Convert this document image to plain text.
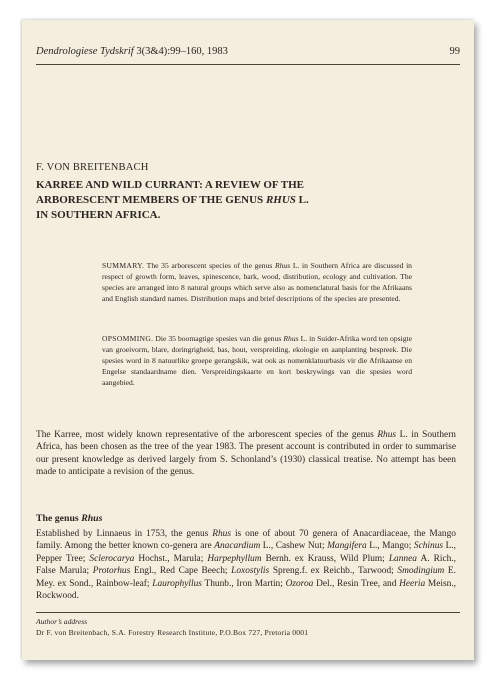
Dendrologiese Tydskrif 3(3&4):99–160, 1983	99
F. VON BREITENBACH
KARREE AND WILD CURRANT: A REVIEW OF THE
ARBORESCENT MEMBERS OF THE GENUS RHUS L.
IN SOUTHERN AFRICA.
SUMMARY. The 35 arborescent species of the genus Rhus L. in Southern Africa are discussed in respect of growth form, leaves, spinescence, bark, wood, distribution, ecology and cultivation. The species are arranged into 8 natural groups which serve also as nomenclatural basis for the Afrikaans and English standard names. Distribution maps and brief descriptions of the species are presented.
OPSOMMING. Die 35 boomagtige spesies van die genus Rhus L. in Suider-Afrika word ten opsigte van groeivorm, blare, doringrigheid, bas, hout, verspreiding, ekologie en aanplanting bespreek. Die spesies word in 8 natuurlike groepe gerangskik, wat ook as nomenklatuurbasis vir die Afrikaanse en Engelse standaardname dien. Verspreidingskaarte en kort beskrywings van die spesies word aangebied.
The Karree, most widely known representative of the arborescent species of the genus Rhus L. in Southern Africa, has been chosen as the tree of the year 1983. The present account is contributed in order to summarise our present knowledge as derived largely from S. Schonland’s (1930) classical treatise. No attempt has been made to anticipate a revision of the genus.
The genus Rhus
Established by Linnaeus in 1753, the genus Rhus is one of about 70 genera of Anacardiaceae, the Mango family. Among the better known co-genera are Anacardium L., Cashew Nut; Mangifera L., Mango; Schinus L., Pepper Tree; Sclerocarya Hochst., Marula; Harpephyllum Bernh. ex Krauss, Wild Plum; Lannea A. Rich., False Marula; Protorhus Engl., Red Cape Beech; Loxostylis Spreng.f. ex Reichb., Tarwood; Smodingium E. Mey. ex Sond., Rainbow-leaf; Laurophyllus Thunb., Iron Martin; Ozoroa Del., Resin Tree, and Heeria Meisn., Rockwood.
Author’s address
Dr F. von Breitenbach, S.A. Forestry Research Institute, P.O.Box 727, Pretoria 0001
